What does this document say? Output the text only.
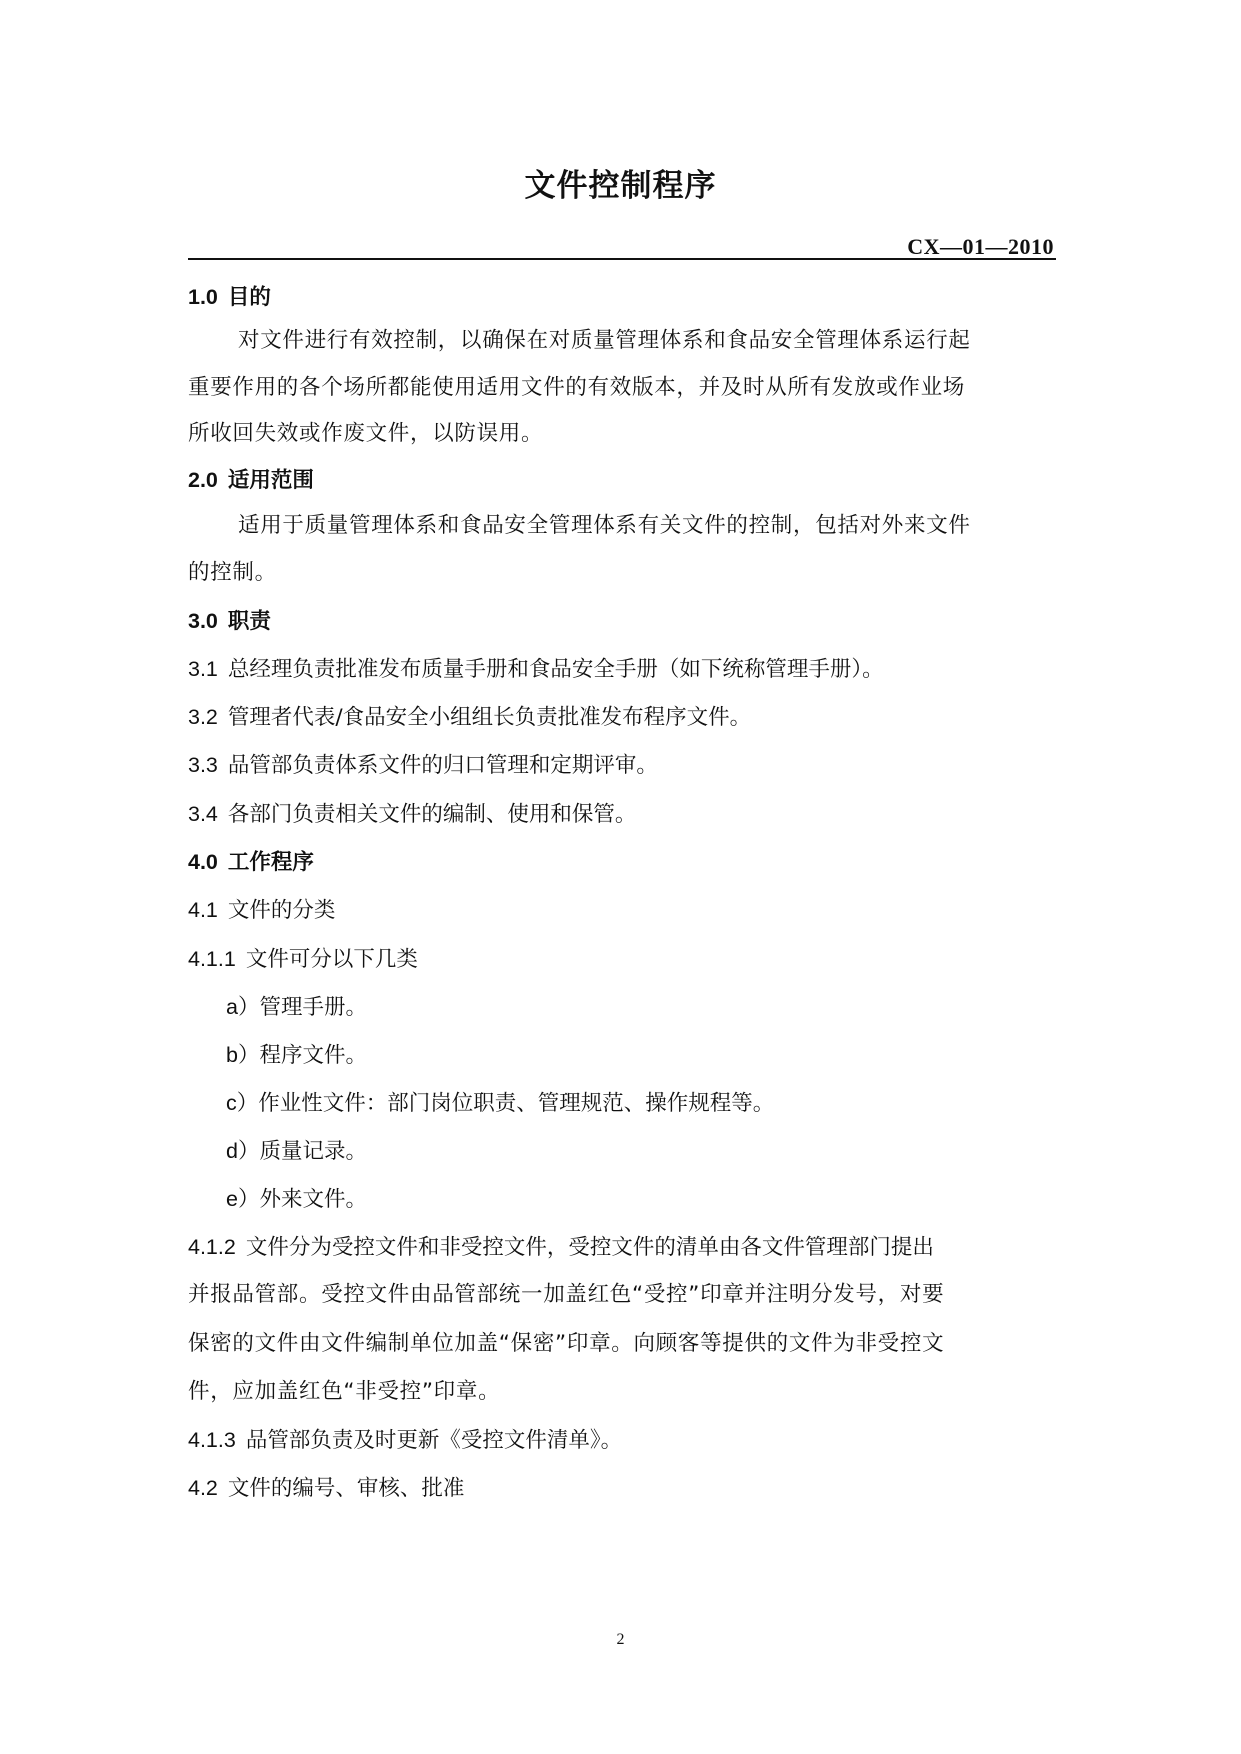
文件控制程序
CX—01—2010
1.0 目的
对文件进行有效控制，以确保在对质量管理体系和食品安全管理体系运行起
重要作用的各个场所都能使用适用文件的有效版本，并及时从所有发放或作业场
所收回失效或作废文件，以防误用。
2.0 适用范围
适用于质量管理体系和食品安全管理体系有关文件的控制，包括对外来文件
的控制。
3.0 职责
3.1 总经理负责批准发布质量手册和食品安全手册（如下统称管理手册）。
3.2 管理者代表/食品安全小组组长负责批准发布程序文件。
3.3 品管部负责体系文件的归口管理和定期评审。
3.4 各部门负责相关文件的编制、使用和保管。
4.0 工作程序
4.1 文件的分类
4.1.1 文件可分以下几类
a）管理手册。
b）程序文件。
c）作业性文件：部门岗位职责、管理规范、操作规程等。
d）质量记录。
e）外来文件。
4.1.2 文件分为受控文件和非受控文件，受控文件的清单由各文件管理部门提出
并报品管部。受控文件由品管部统一加盖红色“受控”印章并注明分发号，对要
保密的文件由文件编制单位加盖“保密”印章。向顾客等提供的文件为非受控文
件，应加盖红色“非受控”印章。
4.1.3 品管部负责及时更新《受控文件清单》。
4.2 文件的编号、审核、批准
2
